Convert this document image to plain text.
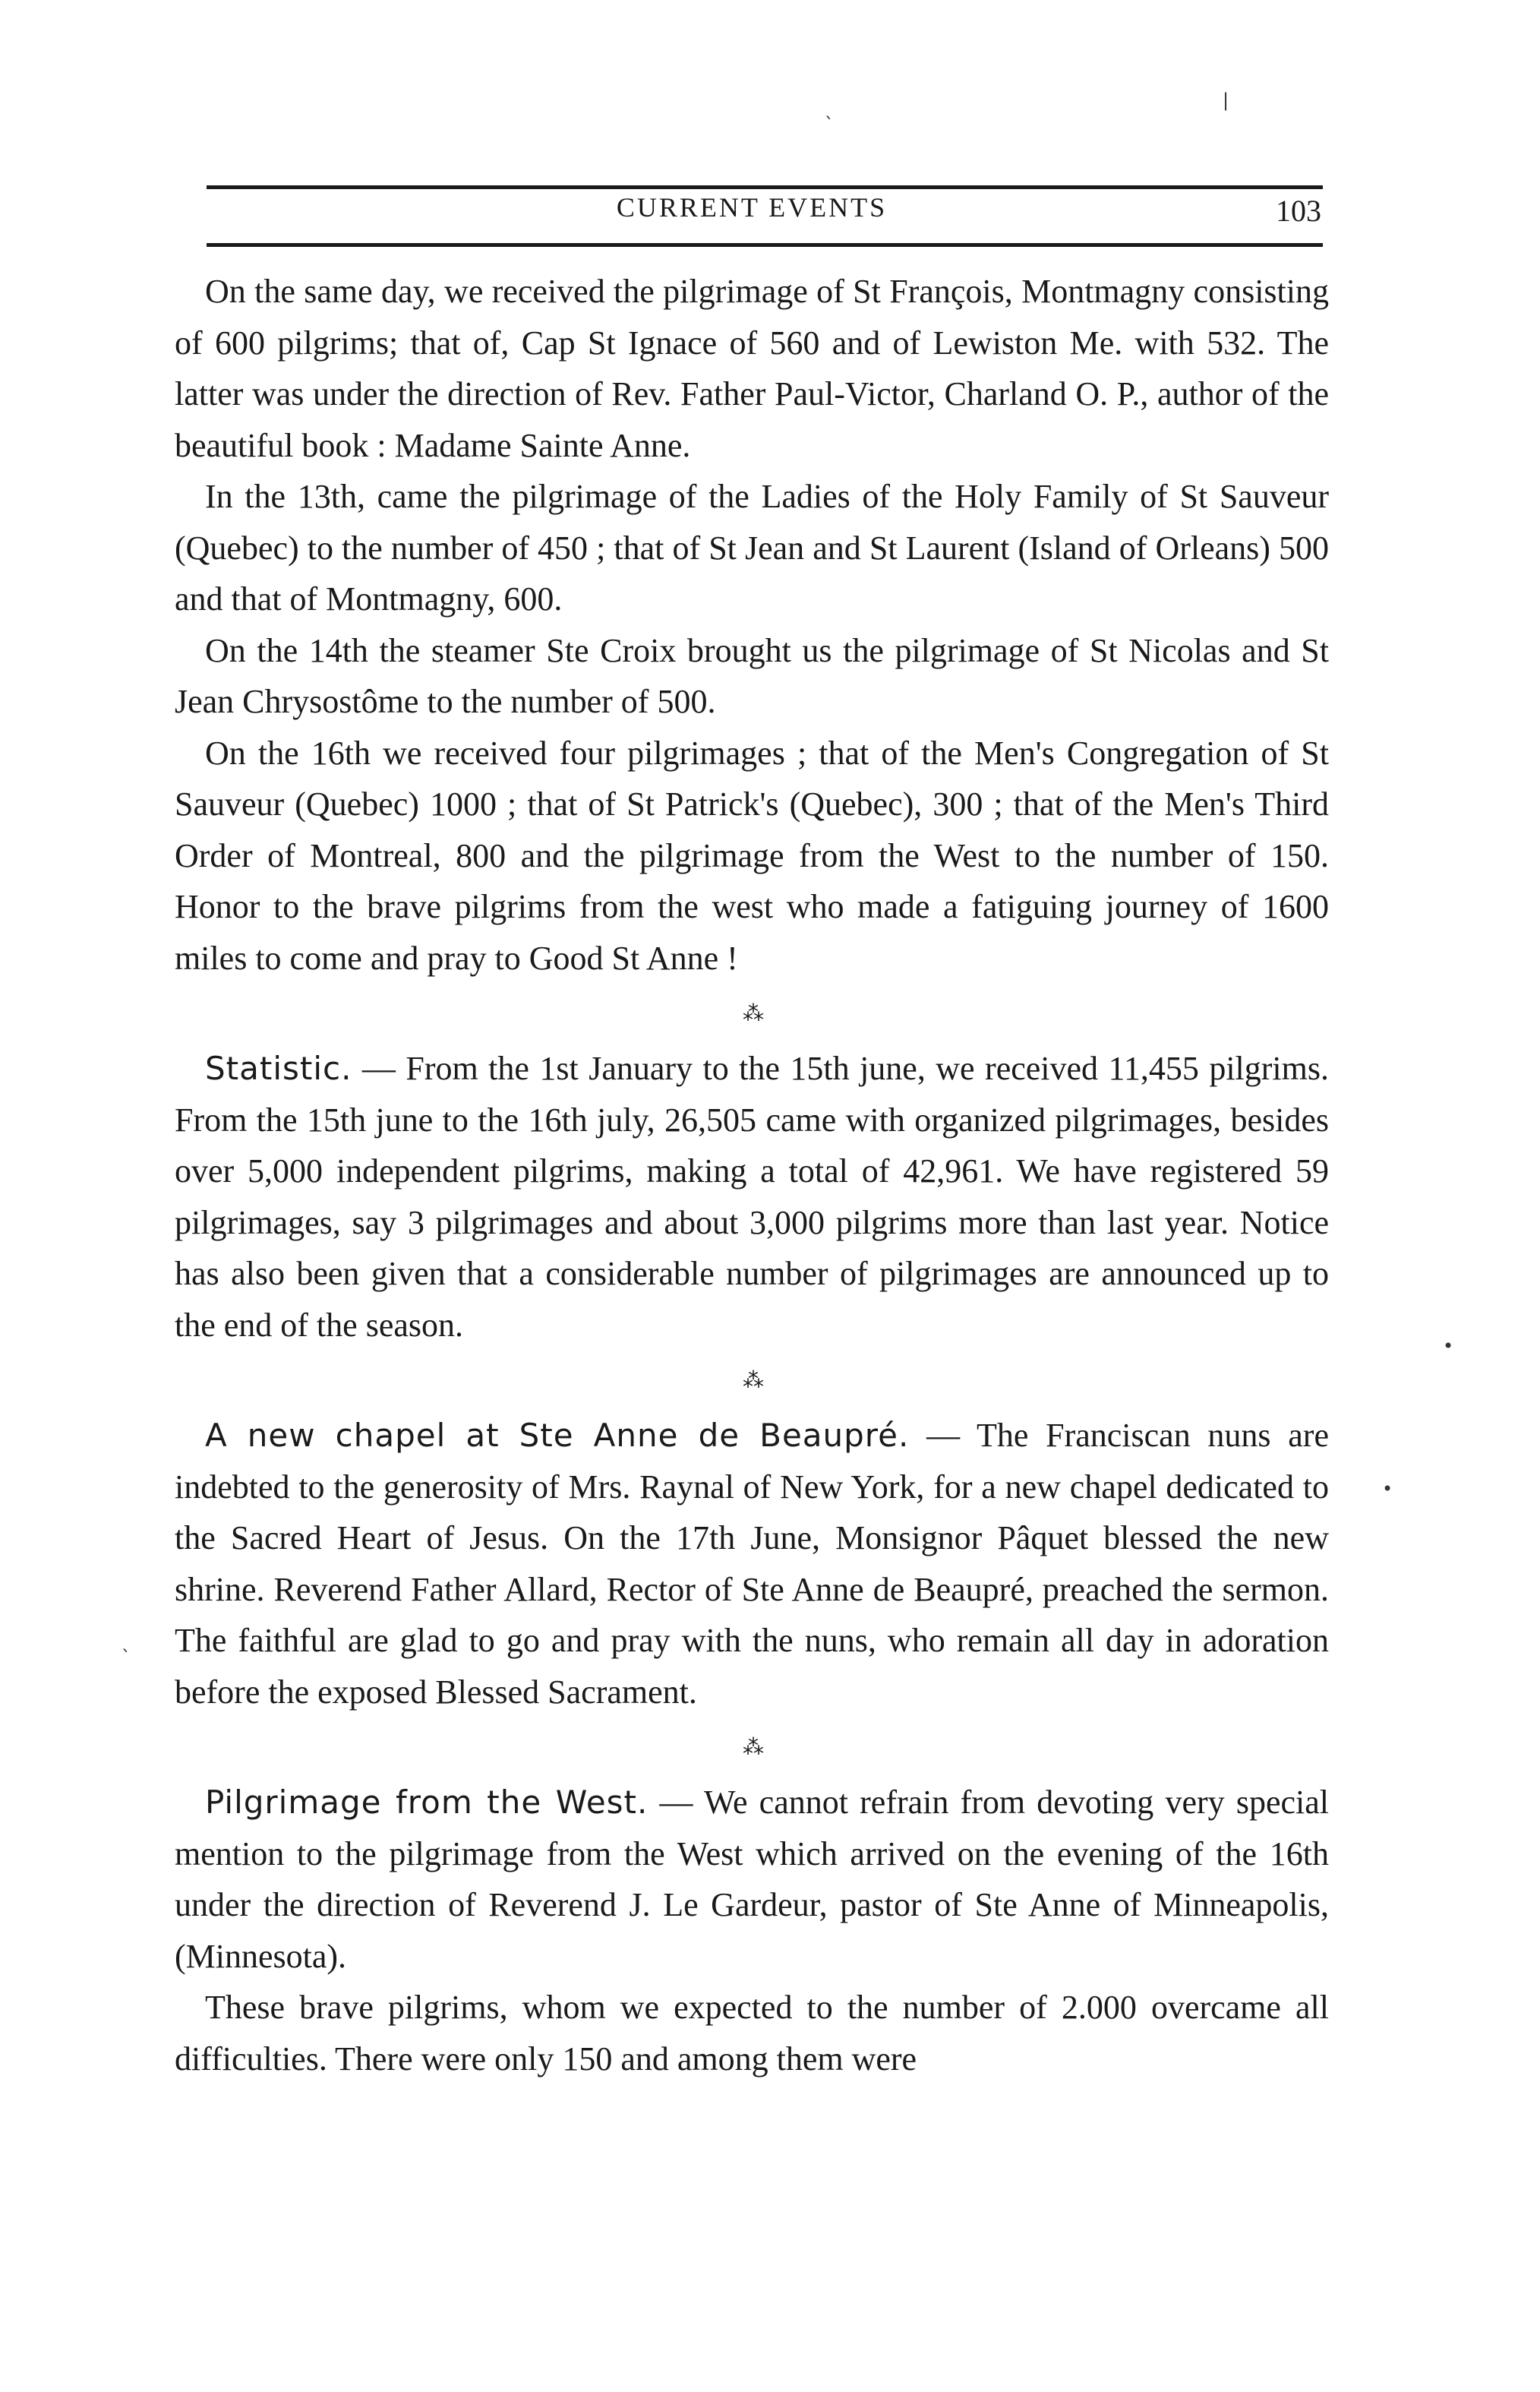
`
|
•
•
`
CURRENT EVENTS	103

On the same day, we received the pilgrimage of St François, Montmagny consisting of 600 pilgrims; that of, Cap St Ignace of 560 and of Lewiston Me. with 532. The latter was under the direction of Rev. Father Paul-Victor, Charland O. P., author of the beautiful book : Madame Sainte Anne.

In the 13th, came the pilgrimage of the Ladies of the Holy Family of St Sauveur (Quebec) to the number of 450 ; that of St Jean and St Laurent (Island of Orleans) 500 and that of Montmagny, 600.

On the 14th the steamer Ste Croix brought us the pilgrimage of St Nicolas and St Jean Chrysostôme to the number of 500.

On the 16th we received four pilgrimages ; that of the Men's Congregation of St Sauveur (Quebec) 1000 ; that of St Patrick's (Quebec), 300 ; that of the Men's Third Order of Montreal, 800 and the pilgrimage from the West to the number of 150. Honor to the brave pilgrims from the west who made a fatiguing journey of 1600 miles to come and pray to Good St Anne !

⁂

Statistic. — From the 1st January to the 15th june, we received 11,455 pilgrims. From the 15th june to the 16th july, 26,505 came with organized pilgrimages, besides over 5,000 independent pilgrims, making a total of 42,961. We have registered 59 pilgrimages, say 3 pilgrimages and about 3,000 pilgrims more than last year. Notice has also been given that a considerable number of pilgrimages are announced up to the end of the season.

⁂

A new chapel at Ste Anne de Beaupré. — The Franciscan nuns are indebted to the generosity of Mrs. Raynal of New York, for a new chapel dedicated to the Sacred Heart of Jesus. On the 17th June, Monsignor Pâquet blessed the new shrine. Reverend Father Allard, Rector of Ste Anne de Beaupré, preached the sermon. The faithful are glad to go and pray with the nuns, who remain all day in adoration before the exposed Blessed Sacrament.

⁂

Pilgrimage from the West. — We cannot refrain from devoting very special mention to the pilgrimage from the West which arrived on the evening of the 16th under the direction of Reverend J. Le Gardeur, pastor of Ste Anne of Minneapolis, (Minnesota).

These brave pilgrims, whom we expected to the number of 2.000 overcame all difficulties. There were only 150 and among them were
